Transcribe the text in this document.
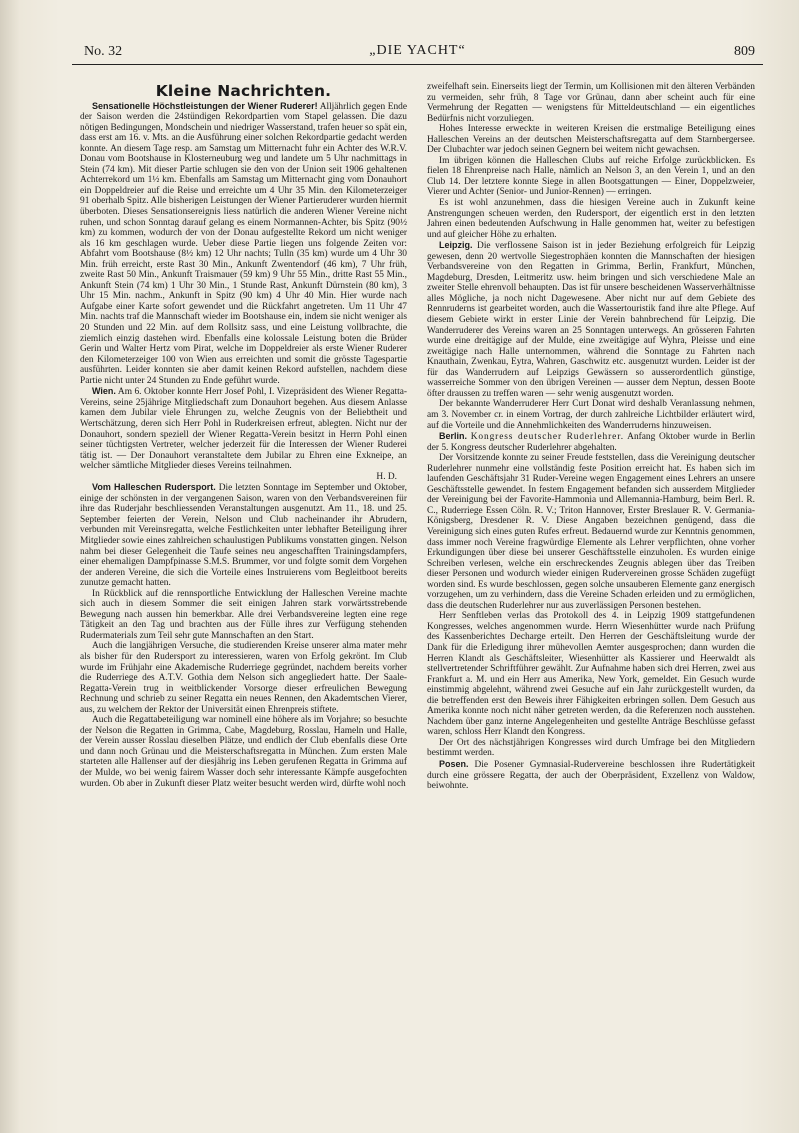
No. 32	„DIE YACHT“	809
Kleine Nachrichten.

Sensationelle Höchstleistungen der Wiener Ruderer! Alljährlich gegen Ende der Saison werden die 24stündigen Rekordpartien vom Stapel gelassen. Die dazu nötigen Bedingungen, Mondschein und niedriger Wasserstand, trafen heuer so spät ein, dass erst am 16. v. Mts. an die Ausführung einer solchen Rekordpartie gedacht werden konnte. An diesem Tage resp. am Samstag um Mitternacht fuhr ein Achter des W.R.V. Donau vom Bootshause in Klosterneuburg weg und landete um 5 Uhr nachmittags in Stein (74 km). Mit dieser Partie schlugen sie den von der Union seit 1906 gehaltenen Achterrekord um 1½ km. Ebenfalls am Samstag um Mitternacht ging vom Donauhort ein Doppeldreier auf die Reise und erreichte um 4 Uhr 35 Min. den Kilometerzeiger 91 oberhalb Spitz. Alle bisherigen Leistungen der Wiener Partieruderer wurden hiermit überboten. Dieses Sensationsereignis liess natürlich die anderen Wiener Vereine nicht ruhen, und schon Sonntag darauf gelang es einem Normannen-Achter, bis Spitz (90½ km) zu kommen, wodurch der von der Donau aufgestellte Rekord um nicht weniger als 16 km geschlagen wurde. Ueber diese Partie liegen uns folgende Zeiten vor: Abfahrt vom Bootshause (8½ km) 12 Uhr nachts; Tulln (35 km) wurde um 4 Uhr 30 Min. früh erreicht, erste Rast 30 Min., Ankunft Zwentendorf (46 km), 7 Uhr früh, zweite Rast 50 Min., Ankunft Traismauer (59 km) 9 Uhr 55 Min., dritte Rast 55 Min., Ankunft Stein (74 km) 1 Uhr 30 Min., 1 Stunde Rast, Ankunft Dürnstein (80 km), 3 Uhr 15 Min. nachm., Ankunft in Spitz (90 km) 4 Uhr 40 Min. Hier wurde nach Aufgabe einer Karte sofort gewendet und die Rückfahrt angetreten. Um 11 Uhr 47 Min. nachts traf die Mannschaft wieder im Bootshause ein, indem sie nicht weniger als 20 Stunden und 22 Min. auf dem Rollsitz sass, und eine Leistung vollbrachte, die ziemlich einzig dastehen wird. Ebenfalls eine kolossale Leistung boten die Brüder Gerin und Walter Hertz vom Pirat, welche im Doppeldreier als erste Wiener Ruderer den Kilometerzeiger 100 von Wien aus erreichten und somit die grösste Tagespartie ausführten. Leider konnten sie aber damit keinen Rekord aufstellen, nachdem diese Partie nicht unter 24 Stunden zu Ende geführt wurde.

Wien. Am 6. Oktober konnte Herr Josef Pohl, I. Vizepräsident des Wiener Regatta-Vereins, seine 25jährige Mitgliedschaft zum Donauhort begehen. Aus diesem Anlasse kamen dem Jubilar viele Ehrungen zu, welche Zeugnis von der Beliebtheit und Wertschätzung, deren sich Herr Pohl in Ruderkreisen erfreut, ablegten. Nicht nur der Donauhort, sondern speziell der Wiener Regatta-Verein besitzt in Herrn Pohl einen seiner tüchtigsten Vertreter, welcher jederzeit für die Interessen der Wiener Ruderei tätig ist. — Der Donauhort veranstaltete dem Jubilar zu Ehren eine Exkneipe, an welcher sämtliche Mitglieder dieses Vereins teilnahmen.

H. D.

Vom Halleschen Rudersport. Die letzten Sonntage im September und Oktober, einige der schönsten in der vergangenen Saison, waren von den Verbandsvereinen für ihre das Ruderjahr beschliessenden Veranstaltungen ausgenutzt. Am 11., 18. und 25. September feierten der Verein, Nelson und Club nacheinander ihr Abrudern, verbunden mit Vereinsregatta, welche Festlichkeiten unter lebhafter Beteiligung ihrer Mitglieder sowie eines zahlreichen schaulustigen Publikums vonstatten gingen. Nelson nahm bei dieser Gelegenheit die Taufe seines neu angeschafften Trainingsdampfers, einer ehemaligen Dampfpinasse S.M.S. Brummer, vor und folgte somit dem Vorgehen der anderen Vereine, die sich die Vorteile eines Instruierens vom Begleitboot bereits zunutze gemacht hatten.

In Rückblick auf die rennsportliche Entwicklung der Halleschen Vereine machte sich auch in diesem Sommer die seit einigen Jahren stark vorwärtsstrebende Bewegung nach aussen hin bemerkbar. Alle drei Verbandsvereine legten eine rege Tätigkeit an den Tag und brachten aus der Fülle ihres zur Verfügung stehenden Rudermaterials zum Teil sehr gute Mannschaften an den Start.

Auch die langjährigen Versuche, die studierenden Kreise unserer alma mater mehr als bisher für den Rudersport zu interessieren, waren von Erfolg gekrönt. Im Club wurde im Frühjahr eine Akademische Ruderriege gegründet, nachdem bereits vorher die Ruderriege des A.T.V. Gothia dem Nelson sich angegliedert hatte. Der Saale-Regatta-Verein trug in weitblickender Vorsorge dieser erfreulichen Bewegung Rechnung und schrieb zu seiner Regatta ein neues Rennen, den Akademtschen Vierer, aus, zu welchem der Rektor der Universität einen Ehrenpreis stiftete.

Auch die Regattabeteiligung war nominell eine höhere als im Vorjahre; so besuchte der Nelson die Regatten in Grimma, Cabe, Magdeburg, Rosslau, Hameln und Halle, der Verein ausser Rosslau dieselben Plätze, und endlich der Club ebenfalls diese Orte und dann noch Grünau und die Meisterschaftsregatta in München. Zum ersten Male starteten alle Hallenser auf der diesjährig ins Leben gerufenen Regatta in Grimma auf der Mulde, wo bei wenig fairem Wasser doch sehr interessante Kämpfe ausgefochten wurden. Ob aber in Zukunft dieser Platz weiter besucht werden wird, dürfte wohl noch

zweifelhaft sein. Einerseits liegt der Termin, um Kollisionen mit den älteren Verbänden zu vermeiden, sehr früh, 8 Tage vor Grünau, dann aber scheint auch für eine Vermehrung der Regatten — wenigstens für Mitteldeutschland — ein eigentliches Bedürfnis nicht vorzuliegen.

Hohes Interesse erweckte in weiteren Kreisen die erstmalige Beteiligung eines Halleschen Vereins an der deutschen Meisterschaftsregatta auf dem Starnbergersee. Der Clubachter war jedoch seinen Gegnern bei weitem nicht gewachsen.

Im übrigen können die Halleschen Clubs auf reiche Erfolge zurückblicken. Es fielen 18 Ehrenpreise nach Halle, nämlich an Nelson 3, an den Verein 1, und an den Club 14. Der letztere konnte Siege in allen Bootsgattungen — Einer, Doppelzweier, Vierer und Achter (Senior- und Junior-Rennen) — erringen.

Es ist wohl anzunehmen, dass die hiesigen Vereine auch in Zukunft keine Anstrengungen scheuen werden, den Rudersport, der eigentlich erst in den letzten Jahren einen bedeutenden Aufschwung in Halle genommen hat, weiter zu befestigen und auf gleicher Höhe zu erhalten.

Leipzig. Die verflossene Saison ist in jeder Beziehung erfolgreich für Leipzig gewesen, denn 20 wertvolle Siegestrophäen konnten die Mannschaften der hiesigen Verbandsvereine von den Regatten in Grimma, Berlin, Frankfurt, München, Magdeburg, Dresden, Leitmeritz usw. heim bringen und sich verschiedene Male an zweiter Stelle ehrenvoll behaupten. Das ist für unsere bescheidenen Wasserverhältnisse alles Mögliche, ja noch nicht Dagewesene. Aber nicht nur auf dem Gebiete des Rennruderns ist gearbeitet worden, auch die Wassertouristik fand ihre alte Pflege. Auf diesem Gebiete wirkt in erster Linie der Verein bahnbrechend für Leipzig. Die Wanderruderer des Vereins waren an 25 Sonntagen unterwegs. An grösseren Fahrten wurde eine dreitägige auf der Mulde, eine zweitägige auf Wyhra, Pleisse und eine zweitägige nach Halle unternommen, während die Sonntage zu Fahrten nach Knauthain, Zwenkau, Eytra, Wahren, Gaschwitz etc. ausgenutzt wurden. Leider ist der für das Wanderrudern auf Leipzigs Gewässern so ausserordentlich günstige, wasserreiche Sommer von den übrigen Vereinen — ausser dem Neptun, dessen Boote öfter draussen zu treffen waren — sehr wenig ausgenutzt worden.

Der bekannte Wanderruderer Herr Curt Donat wird deshalb Veranlassung nehmen, am 3. November cr. in einem Vortrag, der durch zahlreiche Lichtbilder erläutert wird, auf die Vorteile und die Annehmlichkeiten des Wanderruderns hinzuweisen.

Berlin. Kongress deutscher Ruderlehrer. Anfang Oktober wurde in Berlin der 5. Kongress deutscher Ruderlehrer abgehalten.

Der Vorsitzende konnte zu seiner Freude feststellen, dass die Vereinigung deutscher Ruderlehrer nunmehr eine vollständig feste Position erreicht hat. Es haben sich im laufenden Geschäftsjahr 31 Ruder-Vereine wegen Engagement eines Lehrers an unsere Geschäftsstelle gewendet. In festem Engagement befanden sich ausserdem Mitglieder der Vereinigung bei der Favorite-Hammonia und Allemannia-Hamburg, beim Berl. R. C., Ruderriege Essen Cöln. R. V.; Triton Hannover, Erster Breslauer R. V. Germania-Königsberg, Dresdener R. V. Diese Angaben bezeichnen genügend, dass die Vereinigung sich eines guten Rufes erfreut. Bedauernd wurde zur Kenntnis genommen, dass immer noch Vereine fragwürdige Elemente als Lehrer verpflichten, ohne vorher Erkundigungen über diese bei unserer Geschäftsstelle einzuholen. Es wurden einige Schreiben verlesen, welche ein erschreckendes Zeugnis ablegen über das Treiben dieser Personen und wodurch wieder einigen Rudervereinen grosse Schäden zugefügt worden sind. Es wurde beschlossen, gegen solche unsauberen Elemente ganz energisch vorzugehen, um zu verhindern, dass die Vereine Schaden erleiden und zu ermöglichen, dass die deutschen Ruderlehrer nur aus zuverlässigen Personen bestehen.

Herr Senftleben verlas das Protokoll des 4. in Leipzig 1909 stattgefundenen Kongresses, welches angenommen wurde. Herrn Wiesenhütter wurde nach Prüfung des Kassenberichtes Decharge erteilt. Den Herren der Geschäftsleitung wurde der Dank für die Erledigung ihrer mühevollen Aemter ausgesprochen; dann wurden die Herren Klandt als Geschäftsleiter, Wiesenhütter als Kassierer und Heerwaldt als stellvertretender Schriftführer gewählt. Zur Aufnahme haben sich drei Herren, zwei aus Frankfurt a. M. und ein Herr aus Amerika, New York, gemeldet. Ein Gesuch wurde einstimmig abgelehnt, während zwei Gesuche auf ein Jahr zurückgestellt wurden, da die betreffenden erst den Beweis ihrer Fähigkeiten erbringen sollen. Dem Gesuch aus Amerika konnte noch nicht näher getreten werden, da die Referenzen noch ausstehen. Nachdem über ganz interne Angelegenheiten und gestellte Anträge Beschlüsse gefasst waren, schloss Herr Klandt den Kongress.

Der Ort des nächstjährigen Kongresses wird durch Umfrage bei den Mitgliedern bestimmt werden.

Posen. Die Posener Gymnasial-Rudervereine beschlossen ihre Rudertätigkeit durch eine grössere Regatta, der auch der Oberpräsident, Exzellenz von Waldow, beiwohnte.
